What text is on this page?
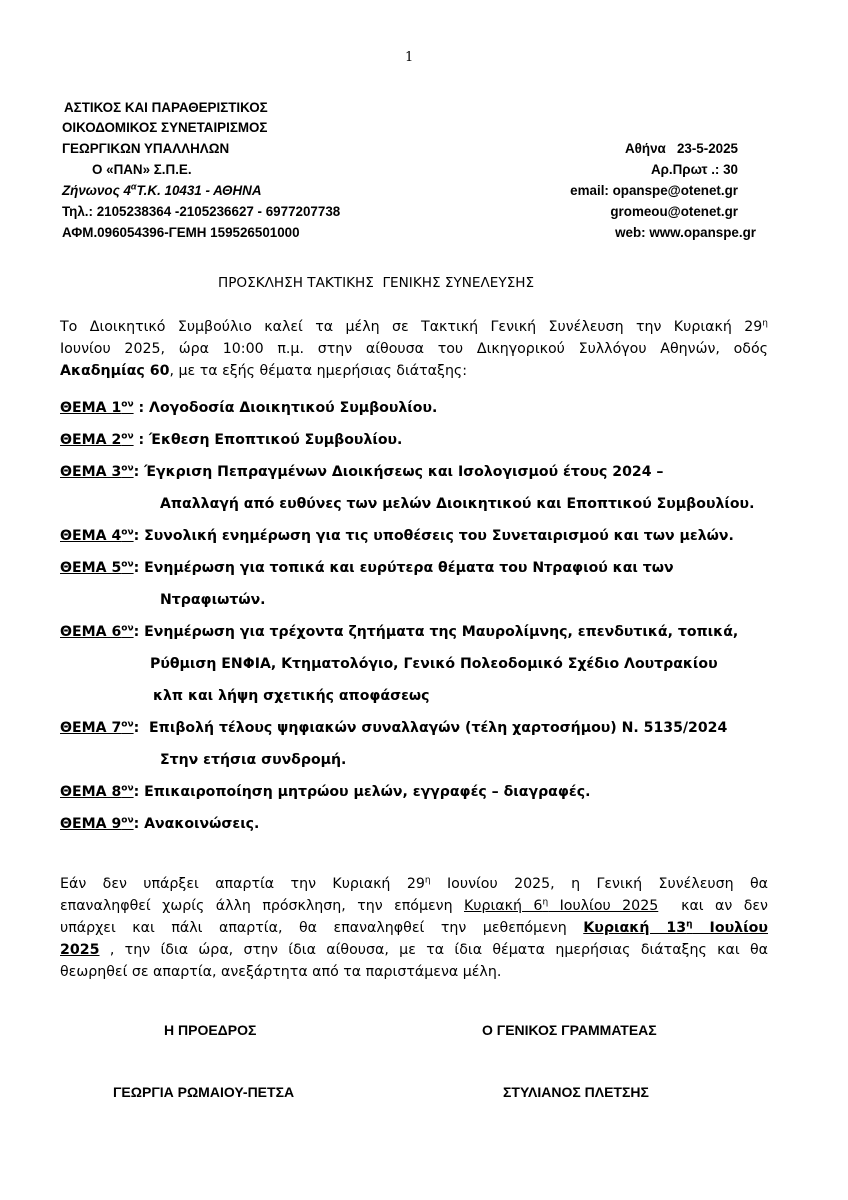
1
ΑΣΤΙΚΟΣ ΚΑΙ ΠΑΡΑΘΕΡΙΣΤΙΚΟΣ
ΟΙΚΟΔΟΜΙΚΟΣ ΣΥΝΕΤΑΙΡΙΣΜΟΣ
ΓΕΩΡΓΙΚΩΝ ΥΠΑΛΛΗΛΩΝ
Ο «ΠΑΝ» Σ.Π.Ε.
Ζήνωνος $4^\alpha T.K$. 10431 - ΑΘΗΝΑ
Τηλ.: 2105238364 -2105236627 - 6977207738
ΑΦΜ.096054396-ΓΕΜΗ 159526501000
Αθήνα   23-5-2025
Αρ.Πρωτ .: 30
email: opanspe@otenet.gr
gromeou@otenet.gr
web: www.opanspe.gr
ΠΡΟΣΚΛΗΣΗ ΤΑΚΤΙΚΗΣ  ΓΕΝΙΚΗΣ ΣΥΝΕΛΕΥΣΗΣ
Το Διοικητικό Συμβούλιο καλεί τα μέλη σε Τακτική Γενική Συνέλευση την Κυριακή $29^\eta$
Ιουνίου 2025, ώρα 10:00 π.μ. στην αίθουσα του Δικηγορικού Συλλόγου Αθηνών, οδός
Ακαδημίας 60, με τα εξής θέματα ημερήσιας διάταξης:
ΘΕΜΑ $1^{o\nu}$ : Λογοδοσία Διοικητικού Συμβουλίου.
ΘΕΜΑ $2^{o\nu}$ : Έκθεση Εποπτικού Συμβουλίου.
ΘΕΜΑ $3^{o\nu}$: Έγκριση Πεπραγμένων Διοικήσεως και Ισολογισμού έτους 2024 –
Απαλλαγή από ευθύνες των μελών Διοικητικού και Εποπτικού Συμβουλίου.
ΘΕΜΑ $4^{o\nu}$: Συνολική ενημέρωση για τις υποθέσεις του Συνεταιρισμού και των μελών.
ΘΕΜΑ $5^{o\nu}$: Ενημέρωση για τοπικά και ευρύτερα θέματα του Νтραφιού και των
Ντραφιωτών.
ΘΕΜΑ $6^{o\nu}$: Ενημέρωση για τρέχοντα ζητήματα της Μαυρολίμνης, επενδυτικά, τοπικά,
Ρύθμιση ΕΝΦΙΑ, Κτηματολόγιο, Γενικό Πολεοδομικό Σχέδιο Λουτρακίου
κλπ και λήψη σχετικής αποφάσεως
ΘΕΜΑ $7^{o\nu}$:  Επιβολή τέλους ψηφιακών συναλλαγών (τέλη χαρτοσήμου) Ν. 5135/2024
Στην ετήσια συνδρομή.
ΘΕΜΑ $8^{o\nu}$: Επικαιροποίηση μητρώου μελών, εγγραφές – διαγραφές.
ΘΕΜΑ $9^{o\nu}$: Ανακοινώσεις.
Εάν δεν υπάρξει απαρτία την Κυριακή $29^\eta$ Ιουνίου 2025, η Γενική Συνέλευση θα
επαναληφθεί χωρίς άλλη πρόσκληση, την επόμενη Κυριακή $6^\eta$ Ιουλίου 2025  και αν δεν
υπάρχει και πάλι απαρτία, θα επαναληφθεί την μεθεπόμενη Κυριακή $13^\eta$ Ιουλίου
2025 , την ίδια ώρα, στην ίδια αίθουσα, με τα ίδια θέματα ημερήσιας διάταξης και θα
θεωρηθεί σε απαρτία, ανεξάρτητα από τα παριστάμενα μέλη.
Η ΠΡΟΕΔΡΟΣ	Ο ΓΕΝΙΚΟΣ ΓΡΑΜΜΑΤΕΑΣ
ΓΕΩΡΓΙΑ ΡΩΜΑΙΟΥ-ΠΕΤΣΑ	ΣΤΥΛΙΑΝΟΣ ΠΛΕΤΣΗΣ
